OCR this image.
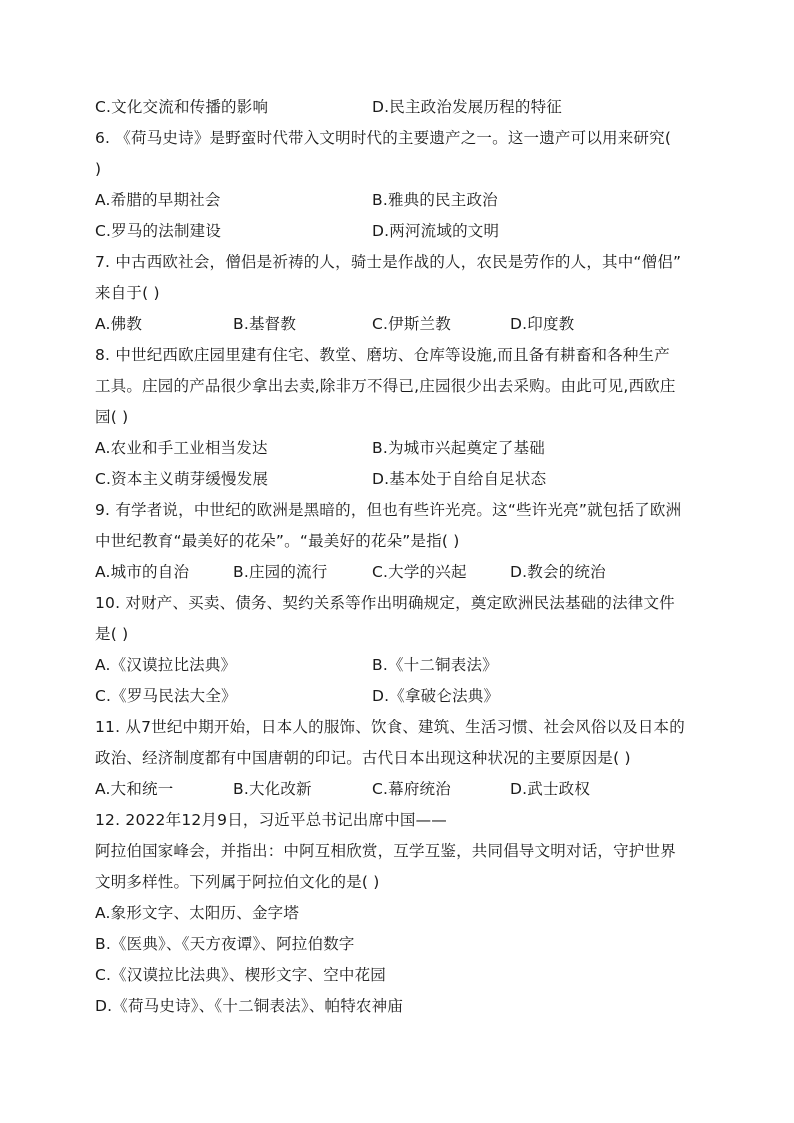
C.文化交流和传播的影响	D.民主政治发展历程的特征
6. 《荷马史诗》是野蛮时代带入文明时代的主要遗产之一。这一遗产可以用来研究(
)
A.希腊的早期社会	B.雅典的民主政治
C.罗马的法制建设	D.两河流域的文明
7. 中古西欧社会，僧侣是祈祷的人，骑士是作战的人，农民是劳作的人，其中“僧侣”
来自于( )
A.佛教	B.基督教	C.伊斯兰教	D.印度教
8. 中世纪西欧庄园里建有住宅、教堂、磨坊、仓库等设施,而且备有耕畜和各种生产
工具。庄园的产品很少拿出去卖,除非万不得已,庄园很少出去采购。由此可见,西欧庄
园( )
A.农业和手工业相当发达	B.为城市兴起奠定了基础
C.资本主义萌芽缓慢发展	D.基本处于自给自足状态
9. 有学者说，中世纪的欧洲是黑暗的，但也有些许光亮。这“些许光亮”就包括了欧洲
中世纪教育“最美好的花朵”。“最美好的花朵”是指( )
A.城市的自治	B.庄园的流行	C.大学的兴起	D.教会的统治
10. 对财产、买卖、债务、契约关系等作出明确规定，奠定欧洲民法基础的法律文件
是( )
A.《汉谟拉比法典》	B.《十二铜表法》
C.《罗马民法大全》	D.《拿破仑法典》
11. 从7世纪中期开始，日本人的服饰、饮食、建筑、生活习惯、社会风俗以及日本的
政治、经济制度都有中国唐朝的印记。古代日本出现这种状况的主要原因是( )
A.大和统一	B.大化改新	C.幕府统治	D.武士政权
12. 2022年12月9日，习近平总书记出席中国——
阿拉伯国家峰会，并指出：中阿互相欣赏，互学互鉴，共同倡导文明对话，守护世界
文明多样性。下列属于阿拉伯文化的是( )
A.象形文字、太阳历、金字塔
B.《医典》、《天方夜谭》、阿拉伯数字
C.《汉谟拉比法典》、楔形文字、空中花园
D.《荷马史诗》、《十二铜表法》、帕特农神庙
